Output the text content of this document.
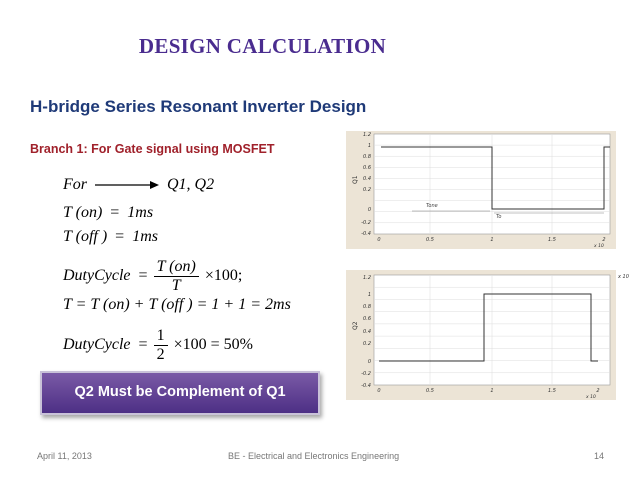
DESIGN CALCULATION
H-bridge Series Resonant Inverter Design
Branch 1: For Gate signal using MOSFET
For	Q1, Q2
T (on)  =  1ms
T (off )  =  1ms
DutyCycle  = $\frac{T (on)}{T} \times 100$;
T = T (on) + T (off ) = 1 + 1 = 2ms
DutyCycle  = $\frac{1}{2} \times 100 = 50\%$
Q2 Must be Complement of Q1
1.2
1
0.8
0.6
0.4
0.2
0
-0.2
-0.4
0	0.5	1	1.5	2
x 10
Q1
Tone
To
1.2
1
0.8
0.6
0.4
0.2
0
-0.2
-0.4
0	0.5	1	1.5	2
x 10
x 10
Q2
April 11, 2013	BE - Electrical and Electronics Engineering	14
